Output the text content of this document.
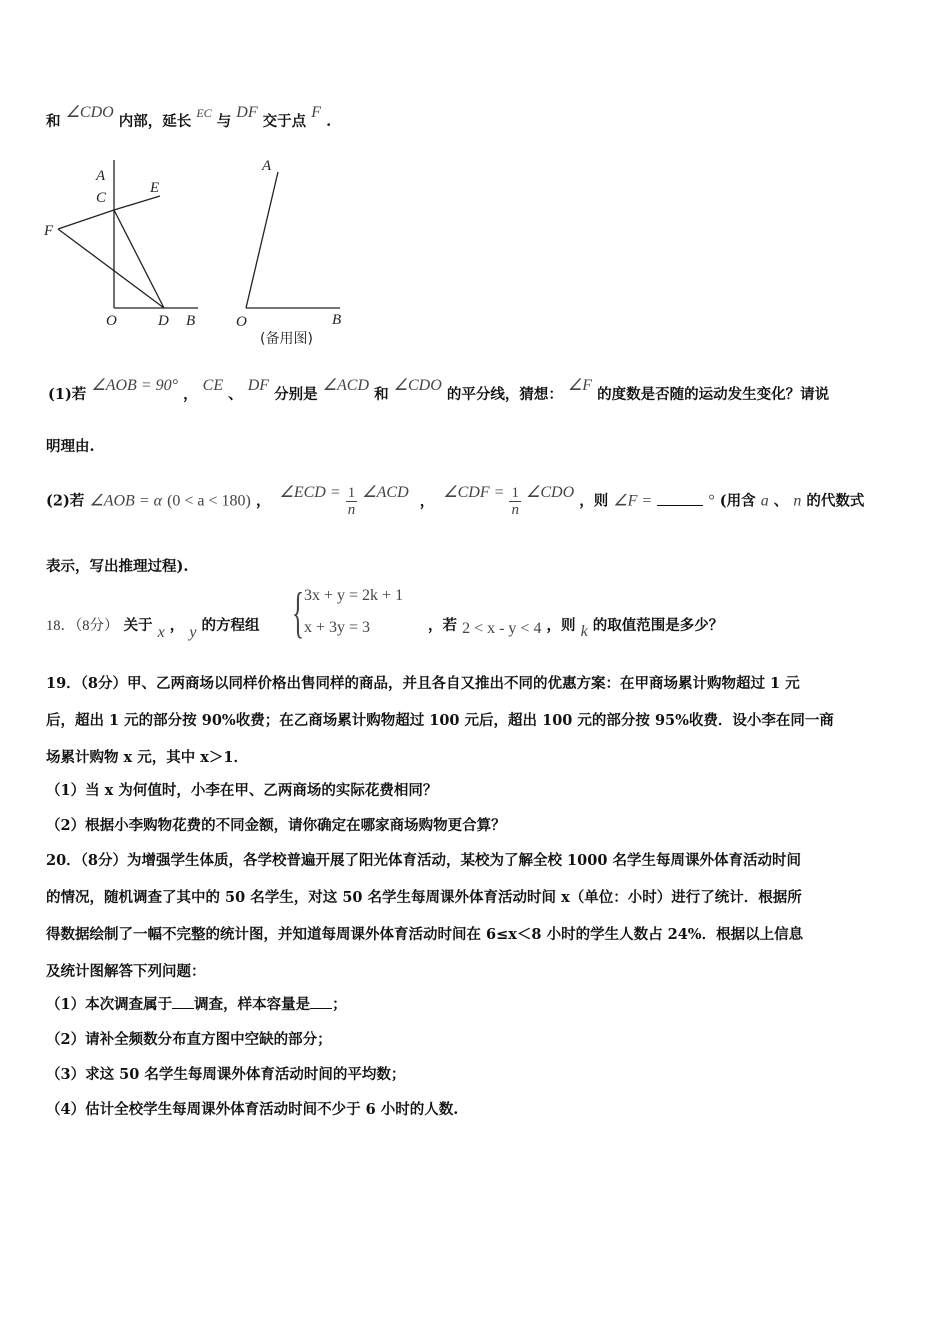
和 ∠CDO 内部，延长 $^{EC}$ 与 DF 交于点 F .
A
C
E
F
O	D B
A
O	B
(备用图)
(1)若 ∠AOB = 90° ， CE 、 DF 分别是 ∠ACD 和 ∠CDO 的平分线，猜想： ∠F 的度数是否随的运动发生变化？请说
明理由.
(2)若 ∠AOB = α (0 < a < 180) ， ∠ECD = $\frac{1}{n}$ ∠ACD ， ∠CDF = $\frac{1}{n}$ ∠CDO ，则 ∠F =	° (用含 a 、 n 的代数式
表示，写出推理过程).
18．（8分） 关于 x ， y 的方程组 { 3x + y = 2k + 1
x + 3y = 3	，若 2 < x - y < 4 ，则 k 的取值范围是多少？
19．（8分）甲、乙两商场以同样价格出售同样的商品，并且各自又推出不同的优惠方案：在甲商场累计购物超过 1 元
后，超出 1 元的部分按 90%收费；在乙商场累计购物超过 100 元后，超出 100 元的部分按 95%收费．设小李在同一商
场累计购物 x 元，其中 x＞1．
（1）当 x 为何值时，小李在甲、乙两商场的实际花费相同？
（2）根据小李购物花费的不同金额，请你确定在哪家商场购物更合算？
20．（8分）为增强学生体质，各学校普遍开展了阳光体育活动，某校为了解全校 1000 名学生每周课外体育活动时间
的情况，随机调查了其中的 50 名学生，对这 50 名学生每周课外体育活动时间 x（单位：小时）进行了统计．根据所
得数据绘制了一幅不完整的统计图，并知道每周课外体育活动时间在 6≤x＜8 小时的学生人数占 24%．根据以上信息
及统计图解答下列问题：
（1）本次调查属于 调查，样本容量是 ；
（2）请补全频数分布直方图中空缺的部分；
（3）求这 50 名学生每周课外体育活动时间的平均数；
（4）估计全校学生每周课外体育活动时间不少于 6 小时的人数.
